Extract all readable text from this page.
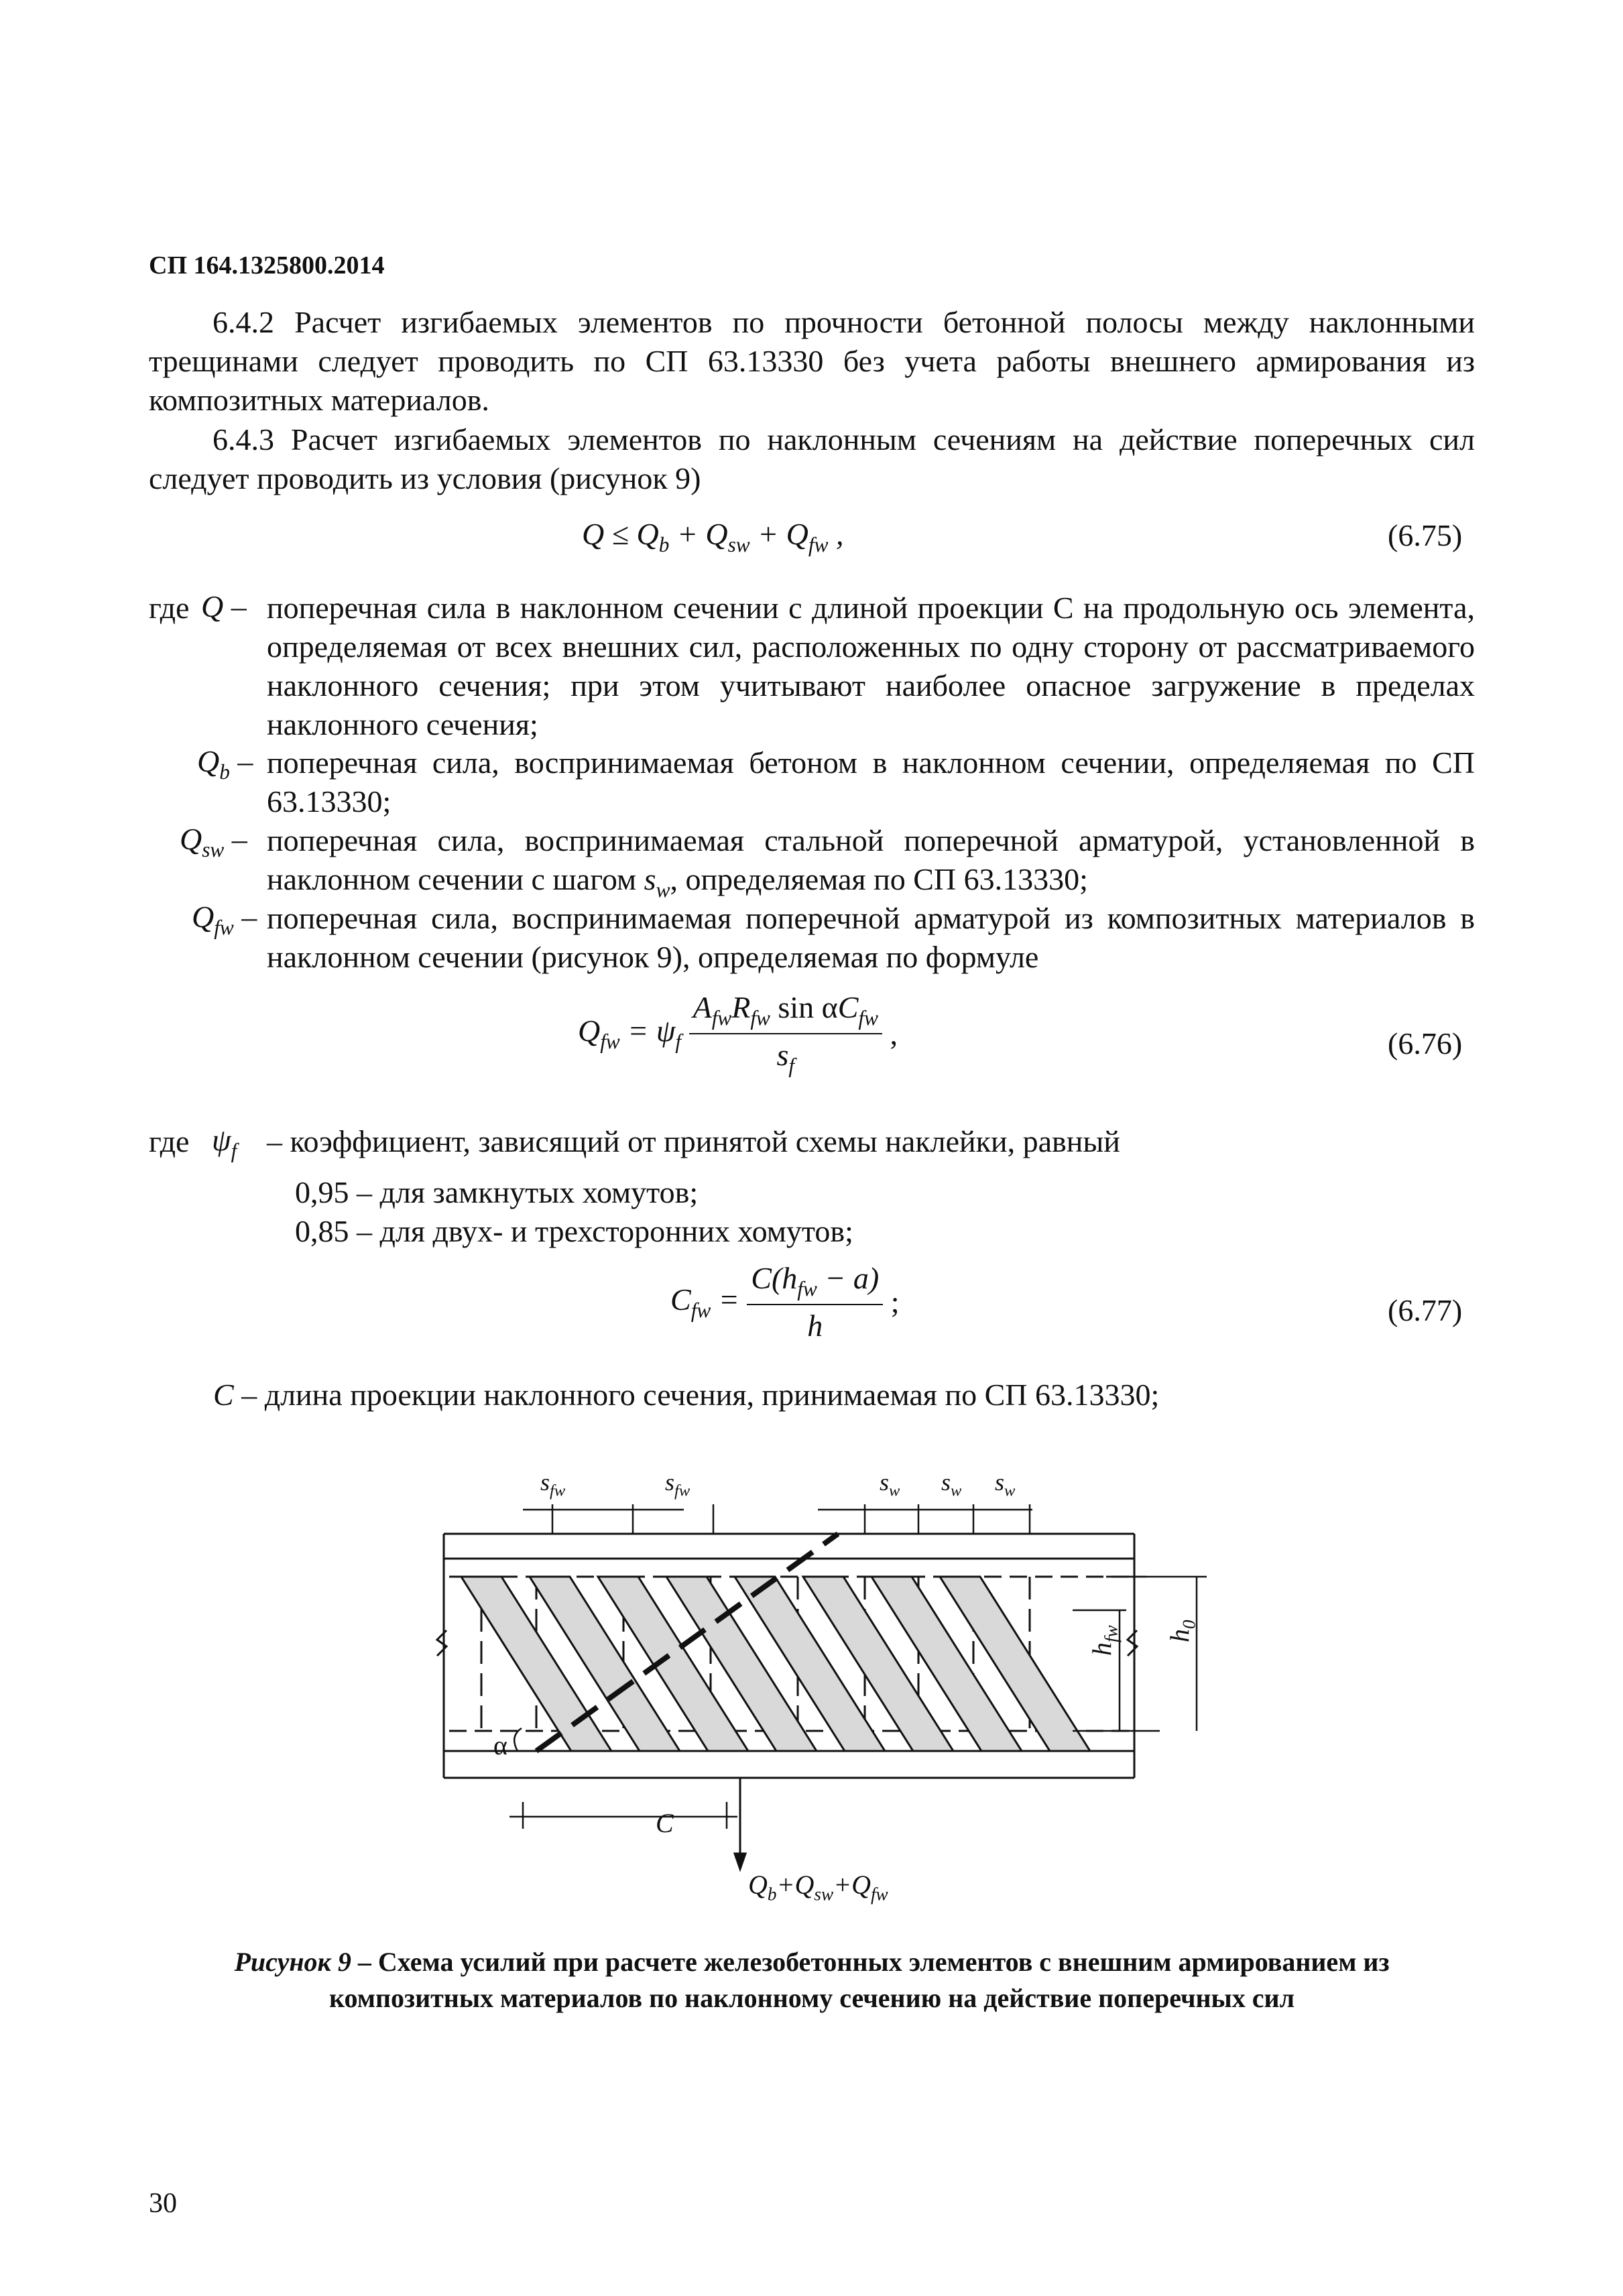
СП 164.1325800.2014
6.4.2 Расчет изгибаемых элементов по прочности бетонной полосы между наклонными трещинами следует проводить по СП 63.13330 без учета работы внешнего армирования из композитных материалов.
6.4.3 Расчет изгибаемых элементов по наклонным сечениям на действие поперечных сил следует проводить из условия (рисунок 9)
$Q \le Q_b + Q_{sw} + Q_{fw}$ ,	(6.75)
где Q – поперечная сила в наклонном сечении с длиной проекции C на продольную ось элемента, определяемая от всех внешних сил, расположенных по одну сторону от рассматриваемого наклонного сечения; при этом учитывают наиболее опасное загружение в пределах наклонного сечения;
$Q_b$ – поперечная сила, воспринимаемая бетоном в наклонном сечении, определяемая по СП 63.13330;
$Q_{sw}$ – поперечная сила, воспринимаемая стальной поперечной арматурой, установленной в наклонном сечении с шагом $s_w$, определяемая по СП 63.13330;
$Q_{fw}$ – поперечная сила, воспринимаемая поперечной арматурой из композитных материалов в наклонном сечении (рисунок 9), определяемая по формуле
$Q_{fw} = \psi_f \frac{A_{fw}R_{fw} \sin \alpha C_{fw}}{s_f}$ ,	(6.76)
где $\psi_f$ – коэффициент, зависящий от принятой схемы наклейки, равный
0,95 – для замкнутых хомутов;
0,85 – для двух- и трехсторонних хомутов;
$C_{fw} = \frac{C(h_{fw} - a)}{h}$ ;	(6.77)
C – длина проекции наклонного сечения, принимаемая по СП 63.13330;
$s_{fw}$	$s_{fw}$	$s_w$ $s_w$ $s_w$
$h_{fw}$ $h_0$
α
C
$Q_b+Q_{sw}+Q_{fw}$
Рисунок 9 – Схема усилий при расчете железобетонных элементов с внешним армированием из композитных материалов по наклонному сечению на действие поперечных сил
30
